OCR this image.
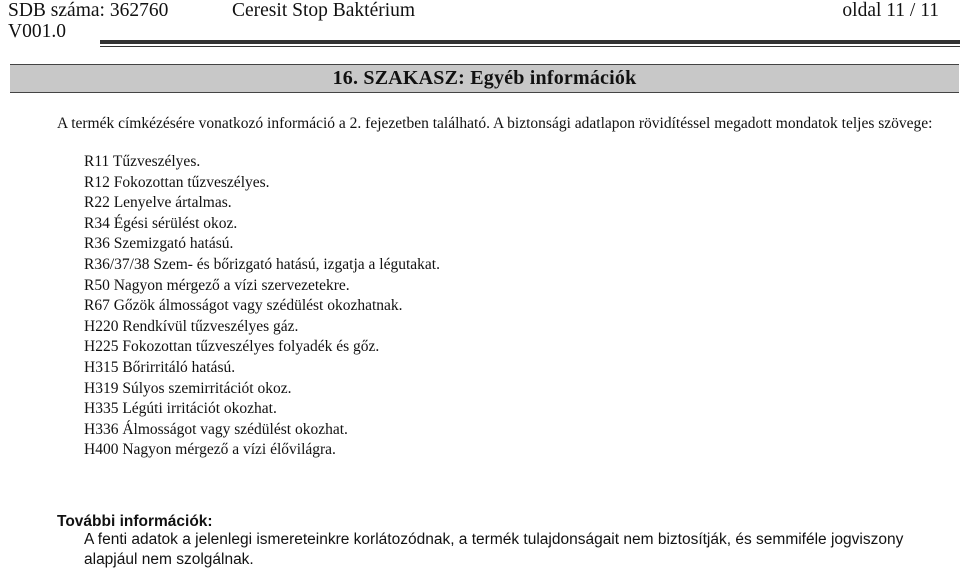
SDB száma: 362760	Ceresit Stop Baktérium	oldal 11 / 11
V001.0
16. SZAKASZ: Egyéb információk
A termék címkézésére vonatkozó információ a 2. fejezetben található. A biztonsági adatlapon rövidítéssel megadott mondatok teljes szövege:
R11 Tűzveszélyes.
R12 Fokozottan tűzveszélyes.
R22 Lenyelve ártalmas.
R34 Égési sérülést okoz.
R36 Szemizgató hatású.
R36/37/38 Szem- és bőrizgató hatású, izgatja a légutakat.
R50 Nagyon mérgező a vízi szervezetekre.
R67 Gőzök álmosságot vagy szédülést okozhatnak.
H220 Rendkívül tűzveszélyes gáz.
H225 Fokozottan tűzveszélyes folyadék és gőz.
H315 Bőrirritáló hatású.
H319 Súlyos szemirritációt okoz.
H335 Légúti irritációt okozhat.
H336 Álmosságot vagy szédülést okozhat.
H400 Nagyon mérgező a vízi élővilágra.
További információk:
A fenti adatok a jelenlegi ismereteinkre korlátozódnak, a termék tulajdonságait nem biztosítják, és semmiféle jogviszony alapjául nem szolgálnak.
